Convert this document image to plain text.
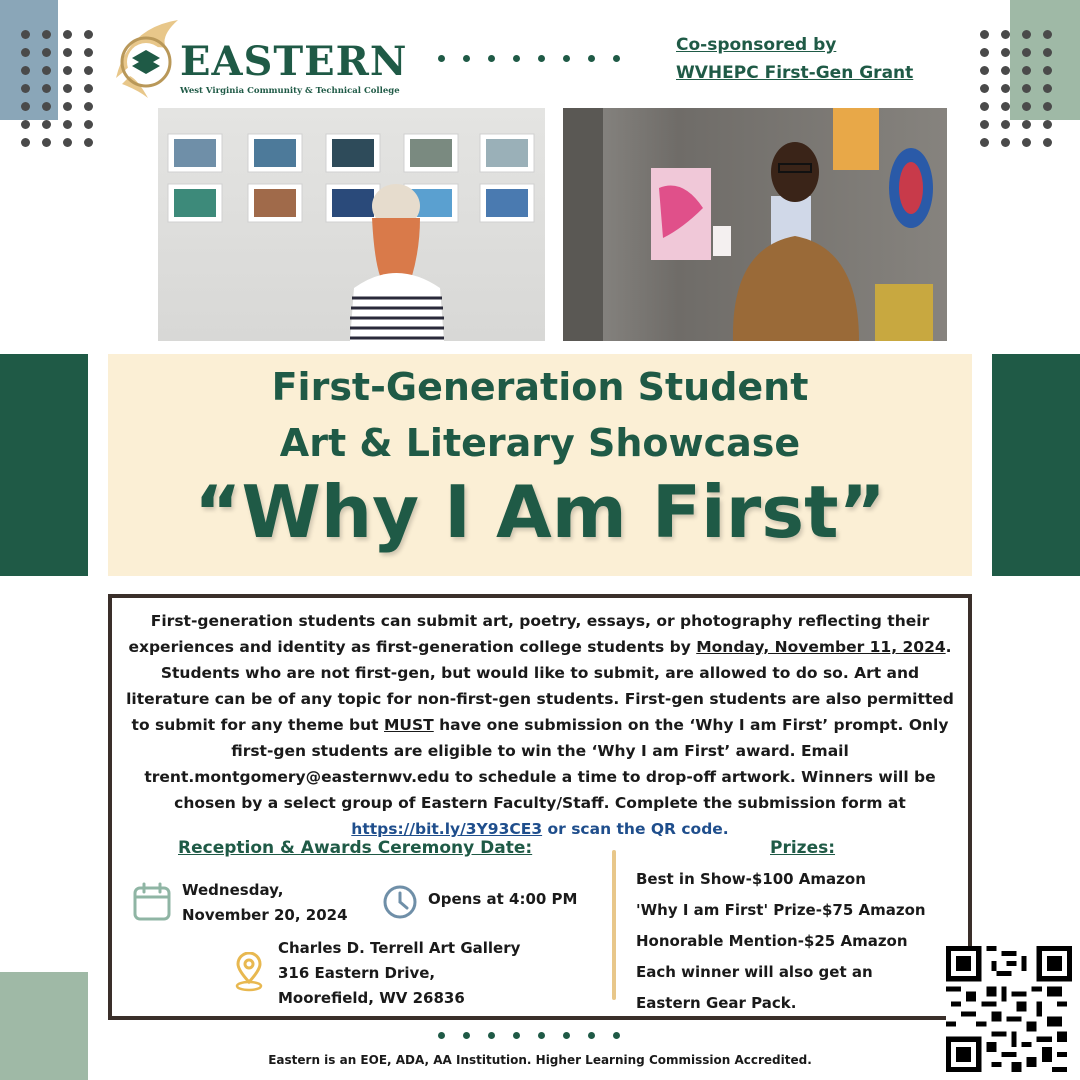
EASTERN
West Virginia Community & Technical College
Co-sponsored by
WVHEPC First-Gen Grant
First-Generation Student
Art & Literary Showcase
“Why I Am First”

First-generation students can submit art, poetry, essays, or photography reflecting their experiences and identity as first-generation college students by Monday, November 11, 2024. Students who are not first-gen, but would like to submit, are allowed to do so. Art and literature can be of any topic for non-first-gen students. First-gen students are also permitted to submit for any theme but MUST have one submission on the ‘Why I am First’ prompt. Only first-gen students are eligible to win the ‘Why I am First’ award. Email trent.montgomery@easternwv.edu to schedule a time to drop-off artwork. Winners will be chosen by a select group of Eastern Faculty/Staff. Complete the submission form at https://bit.ly/3Y93CE3 or scan the QR code.

Reception & Awards Ceremony Date:
Wednesday,
November 20, 2024
Opens at 4:00 PM
Charles D. Terrell Art Gallery
316 Eastern Drive,
Moorefield, WV 26836
Prizes:
Best in Show-$100 Amazon
'Why I am First' Prize-$75 Amazon
Honorable Mention-$25 Amazon
Each winner will also get an
Eastern Gear Pack.
Eastern is an EOE, ADA, AA Institution. Higher Learning Commission Accredited.
